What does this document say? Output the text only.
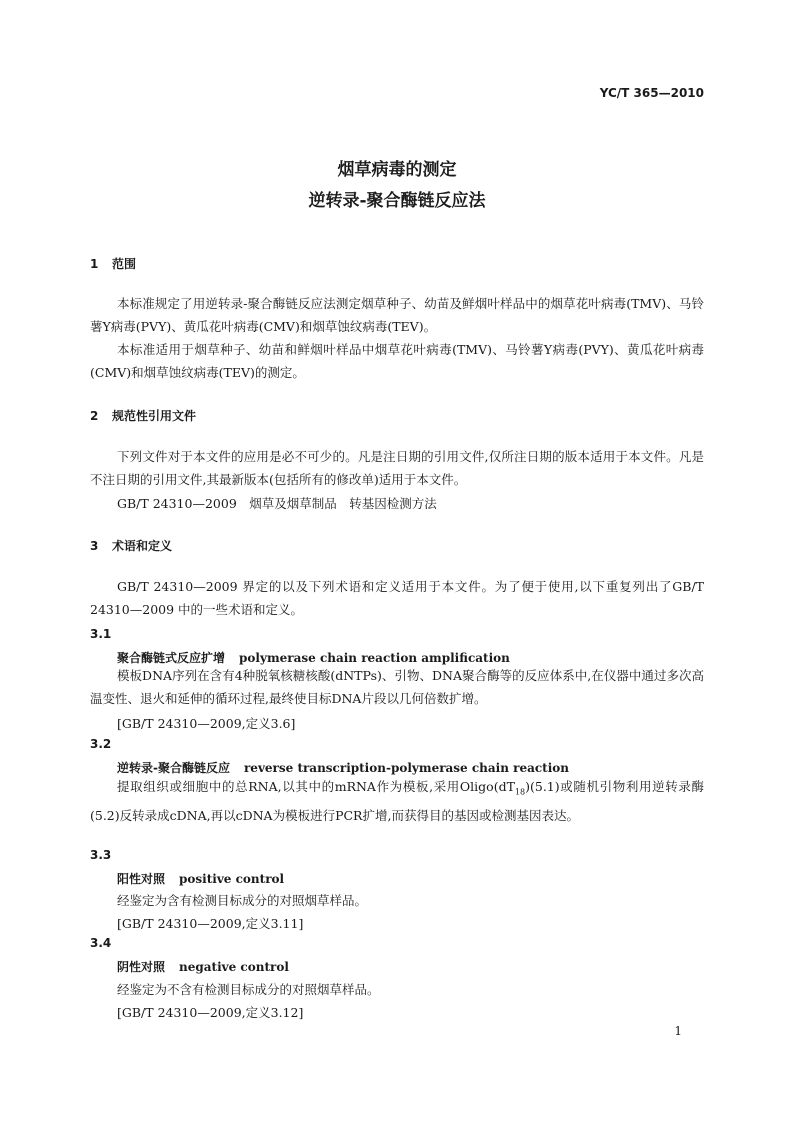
YC/T 365—2010
烟草病毒的测定
逆转录-聚合酶链反应法
1 范围
本标准规定了用逆转录-聚合酶链反应法测定烟草种子、幼苗及鲜烟叶样品中的烟草花叶病毒(TMV)、马铃薯Y病毒(PVY)、黄瓜花叶病毒(CMV)和烟草蚀纹病毒(TEV)。
本标准适用于烟草种子、幼苗和鲜烟叶样品中烟草花叶病毒(TMV)、马铃薯Y病毒(PVY)、黄瓜花叶病毒(CMV)和烟草蚀纹病毒(TEV)的测定。
2 规范性引用文件
下列文件对于本文件的应用是必不可少的。凡是注日期的引用文件,仅所注日期的版本适用于本文件。凡是不注日期的引用文件,其最新版本(包括所有的修改单)适用于本文件。
GB/T 24310—2009　烟草及烟草制品　转基因检测方法
3 术语和定义
GB/T 24310—2009 界定的以及下列术语和定义适用于本文件。为了便于使用,以下重复列出了GB/T 24310—2009 中的一些术语和定义。
3.1
聚合酶链式反应扩增 polymerase chain reaction amplification
模板DNA序列在含有4种脱氧核糖核酸(dNTPs)、引物、DNA聚合酶等的反应体系中,在仪器中通过多次高温变性、退火和延伸的循环过程,最终使目标DNA片段以几何倍数扩增。
[GB/T 24310—2009,定义3.6]
3.2
逆转录-聚合酶链反应 reverse transcription-polymerase chain reaction
提取组织或细胞中的总RNA,以其中的mRNA作为模板,采用$Oligo(dT_{18})(5.1)$或随机引物利用逆转录酶(5.2)反转录成cDNA,再以cDNA为模板进行PCR扩增,而获得目的基因或检测基因表达。
3.3
阳性对照 positive control
经鉴定为含有检测目标成分的对照烟草样品。
[GB/T 24310—2009,定义3.11]
3.4
阴性对照 negative control
经鉴定为不含有检测目标成分的对照烟草样品。
[GB/T 24310—2009,定义3.12]
1
